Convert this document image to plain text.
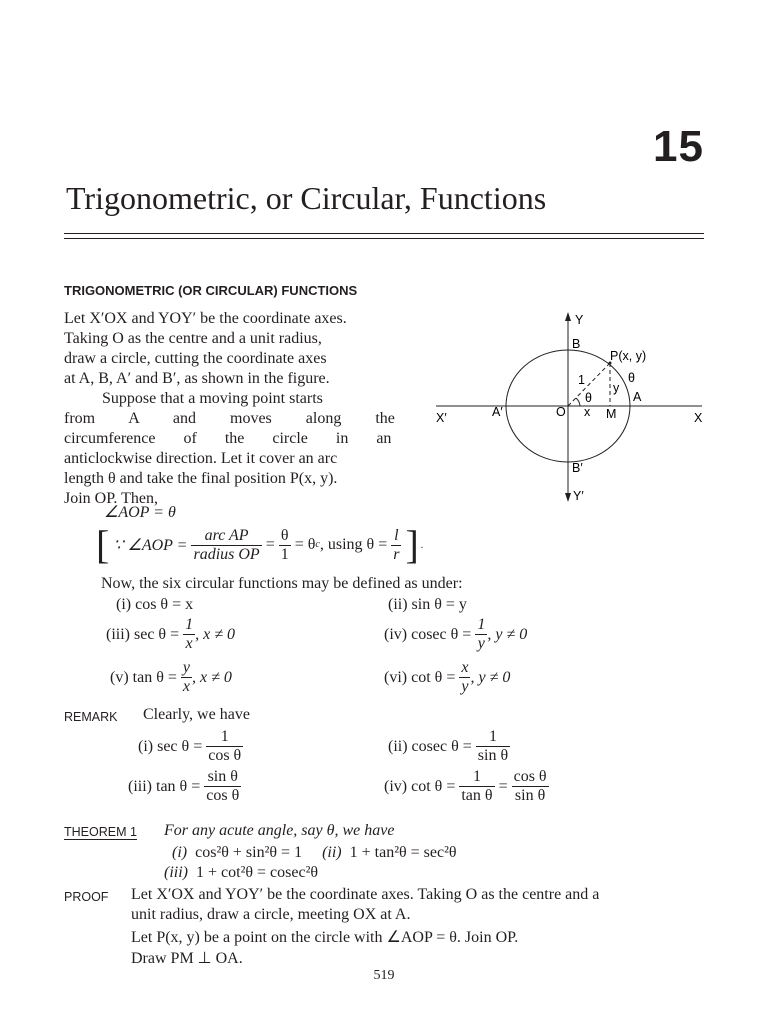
15
Trigonometric, or Circular, Functions
TRIGONOMETRIC (OR CIRCULAR) FUNCTIONS
Let X′OX and YOY′ be the coordinate axes.
Taking O as the centre and a unit radius,
draw a circle, cutting the coordinate axes
at A, B, A′ and B′, as shown in the figure.
Suppose that a moving point starts
from A and moves along the
circumference of the circle in an
anticlockwise direction. Let it cover an arc
length θ and take the final position P(x, y).
Join OP. Then,
Y
Y′
X
X′
B
B′
A
A′	O	M
P(x, y)
1	θ
θ
x
y
∠AOP = θ
[ ∵ ∠AOP =
$\frac{\text{arc AP}}{\text{radius OP}}$
=
$\frac{\theta}{1}$
= θ c , using θ =
$\frac{l}{r}$ ] .
Now, the six circular functions may be defined as under:
(i) cos θ = x	(ii) sin θ = y
(iii) sec θ =
$\frac{1}{x}$ , x ≠ 0	(iv) cosec θ =
$\frac{1}{y}$ , y ≠ 0
(v) tan θ =
$\frac{y}{x}$ , x ≠ 0	(vi) cot θ =
$\frac{x}{y}$ , y ≠ 0
REMARK Clearly, we have
(i) sec θ =
$\frac{1}{\text{cos θ}}$	(ii) cosec θ =
$\frac{1}{\text{sin θ}}$
(iii) tan θ =
$\frac{\text{sin θ}}{\text{cos θ}}$	(iv) cot θ =
$\frac{1}{\text{tan θ}}$
=
$\frac{\text{cos θ}}{\text{sin θ}}$
THEOREM 1 For any acute angle, say θ, we have
(i) cos²θ + sin²θ = 1 (ii) 1 + tan²θ = sec²θ
(iii) 1 + cot²θ = cosec²θ
PROOF Let X′OX and YOY′ be the coordinate axes. Taking O as the centre and a
unit radius, draw a circle, meeting OX at A.
Let P(x, y) be a point on the circle with ∠AOP = θ. Join OP.
Draw PM ⊥ OA.
519
